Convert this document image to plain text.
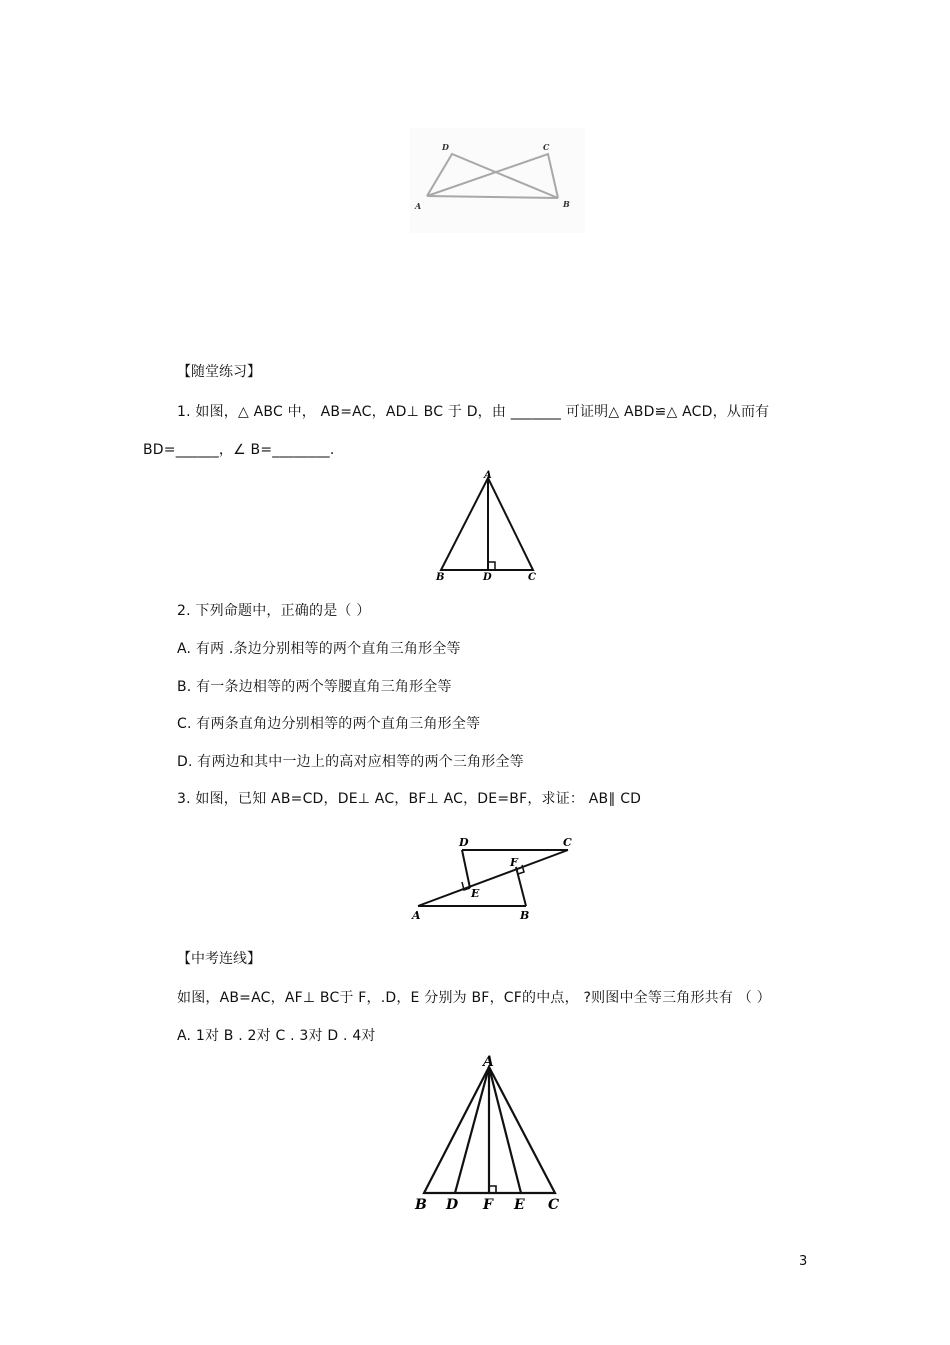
D	C
A	B
【随堂练习】
1. 如图，△ ABC 中， AB=AC，AD⊥ BC 于 D，由 _______ 可证明△ ABD≌△ ACD，从而有
BD=______，∠ B=________.
A
B	D	C
2. 下列命题中，正确的是（ ）
A. 有两 .条边分别相等的两个直角三角形全等
B. 有一条边相等的两个等腰直角三角形全等
C. 有两条直角边分别相等的两个直角三角形全等
D. 有两边和其中一边上的高对应相等的两个三角形全等
3. 如图，已知 AB=CD，DE⊥ AC，BF⊥ AC，DE=BF，求证： AB∥ CD
D	C
F
E
A	B
【中考连线】
如图，AB=AC，AF⊥ BC于 F，.D，E 分别为 BF，CF的中点， ?则图中全等三角形共有 （ ）
A. 1对 B . 2对 C . 3对 D . 4对
A
B D F E C
3
